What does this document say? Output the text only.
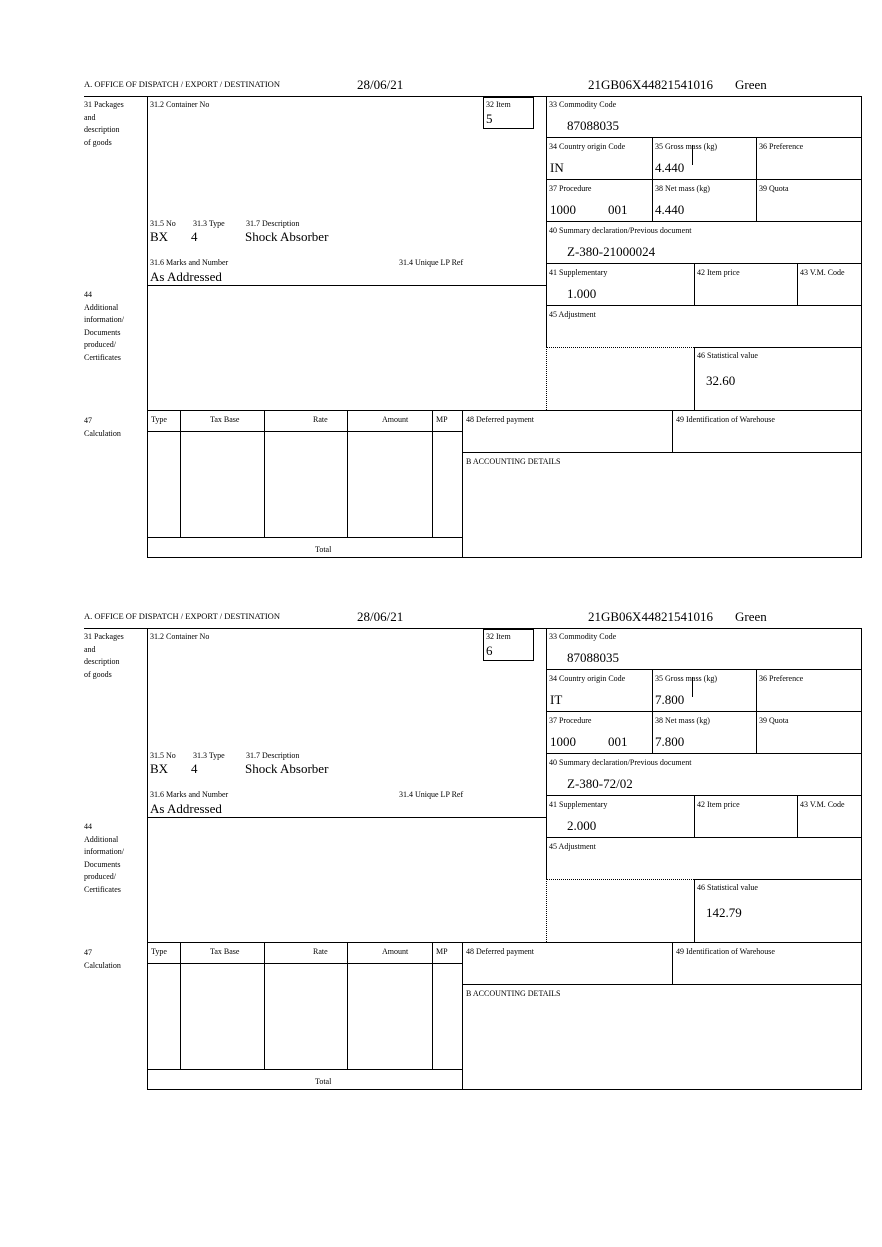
A. OFFICE OF DISPATCH / EXPORT / DESTINATION	28/06/21	21GB06X44821541016 Green
31 Packages
and
description
of goods
44
Additional
information/
Documents
produced/
Certificates
47
Calculation
31.2 Container No	32 Item
5
31.5 No 31.3 Type	31.7 Description
BX 4	Shock Absorber
31.6 Marks and Number	31.4 Unique LP Ref
As Addressed
33 Commodity Code
87088035
34 Country origin Code
IN
35 Gross mass (kg)
4.440
36 Preference
37 Procedure
1000 001
38 Net mass (kg)
4.440
39 Quota
40 Summary declaration/Previous document
Z-380-21000024
41 Supplementary
1.000
42 Item price	43 V.M. Code
45 Adjustment
46 Statistical value
32.60
Type	Tax Base	Rate	Amount	MP 48 Deferred payment	49 Identification of Warehouse
B ACCOUNTING DETAILS
Total
A. OFFICE OF DISPATCH / EXPORT / DESTINATION	28/06/21	21GB06X44821541016 Green
31 Packages
and
description
of goods
44
Additional
information/
Documents
produced/
Certificates
47
Calculation
31.2 Container No	32 Item
6
31.5 No 31.3 Type	31.7 Description
BX 4	Shock Absorber
31.6 Marks and Number	31.4 Unique LP Ref
As Addressed
33 Commodity Code
87088035
34 Country origin Code
IT
35 Gross mass (kg)
7.800
36 Preference
37 Procedure
1000 001
38 Net mass (kg)
7.800
39 Quota
40 Summary declaration/Previous document
Z-380-72/02
41 Supplementary
2.000
42 Item price	43 V.M. Code
45 Adjustment
46 Statistical value
142.79
Type	Tax Base	Rate	Amount	MP 48 Deferred payment	49 Identification of Warehouse
B ACCOUNTING DETAILS
Total
